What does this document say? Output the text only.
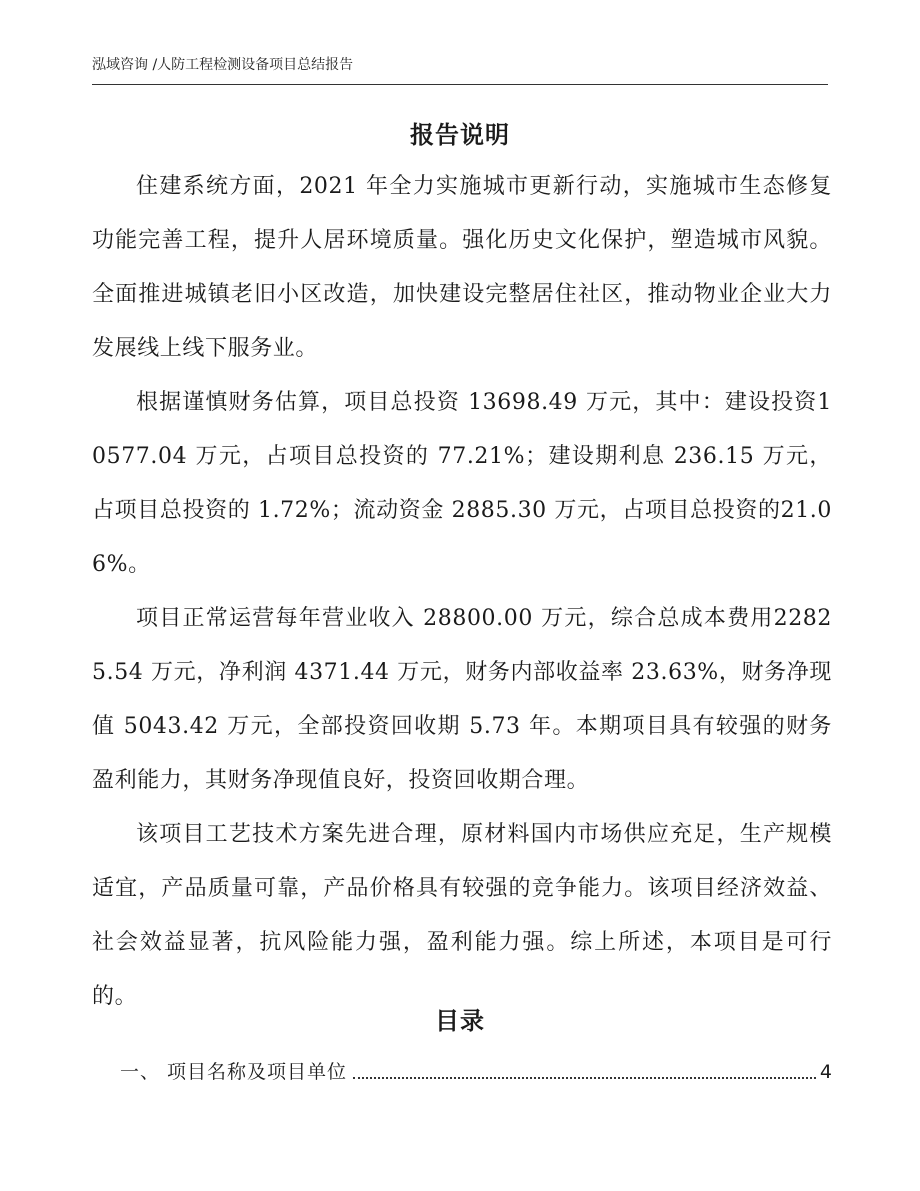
泓域咨询 /人防工程检测设备项目总结报告
报告说明

住建系统方面，2021 年全力实施城市更新行动，实施城市生态修复功能完善工程，提升人居环境质量。强化历史文化保护，塑造城市风貌。全面推进城镇老旧小区改造，加快建设完整居住社区，推动物业企业大力发展线上线下服务业。

根据谨慎财务估算，项目总投资 13698.49 万元，其中：建设投资10577.04 万元，占项目总投资的 77.21%；建设期利息 236.15 万元，占项目总投资的 1.72%；流动资金 2885.30 万元，占项目总投资的21.06%。

项目正常运营每年营业收入 28800.00 万元，综合总成本费用22825.54 万元，净利润 4371.44 万元，财务内部收益率 23.63%，财务净现值 5043.42 万元，全部投资回收期 5.73 年。本期项目具有较强的财务盈利能力，其财务净现值良好，投资回收期合理。

该项目工艺技术方案先进合理，原材料国内市场供应充足，生产规模适宜，产品质量可靠，产品价格具有较强的竞争能力。该项目经济效益、社会效益显著，抗风险能力强，盈利能力强。综上所述，本项目是可行的。

目录
一、 项目名称及项目单位	4
